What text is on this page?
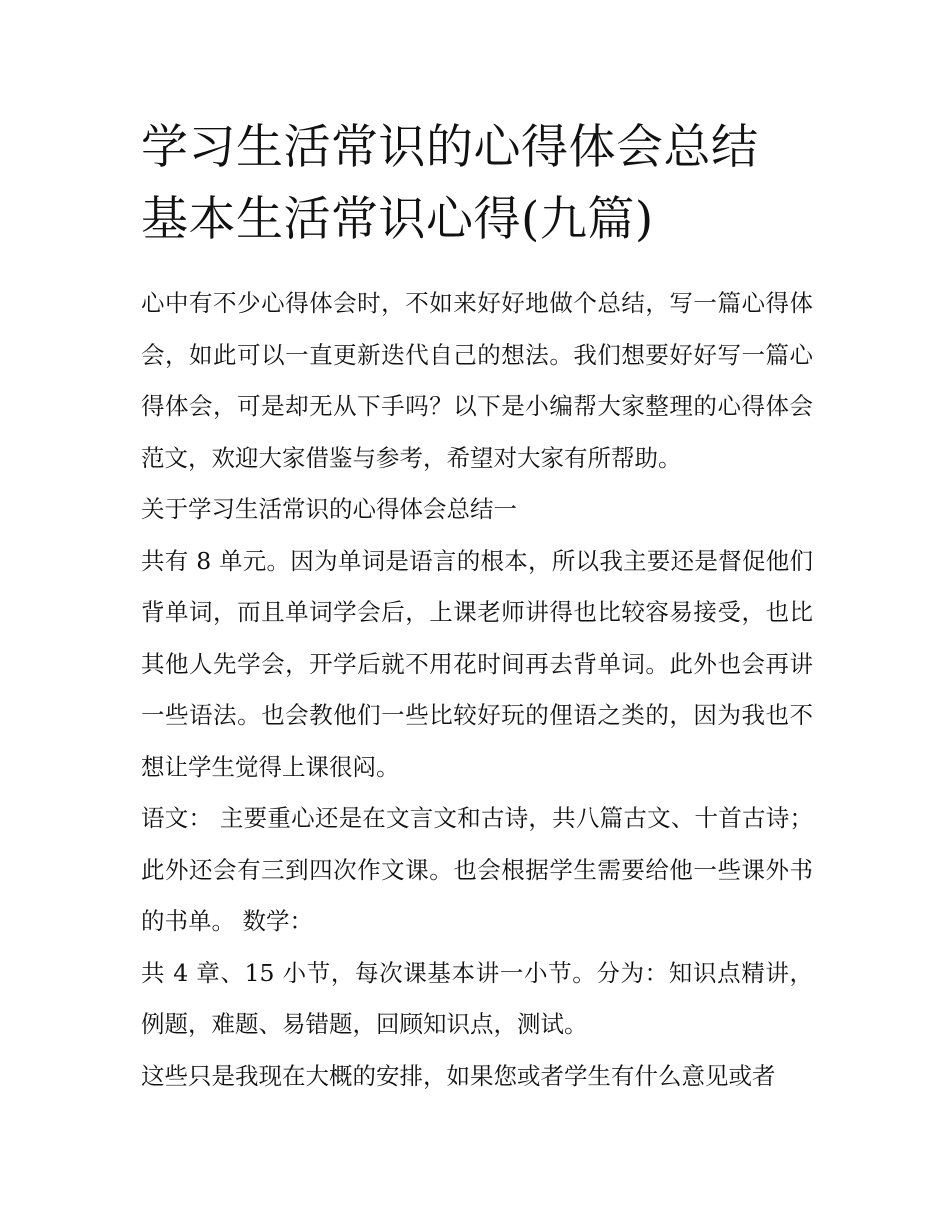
学习生活常识的心得体会总结
基本生活常识心得(九篇)

心中有不少心得体会时，不如来好好地做个总结，写一篇心得体会，如此可以一直更新迭代自己的想法。我们想要好好写一篇心得体会，可是却无从下手吗？以下是小编帮大家整理的心得体会范文，欢迎大家借鉴与参考，希望对大家有所帮助。

关于学习生活常识的心得体会总结一

共有 8 单元。因为单词是语言的根本，所以我主要还是督促他们背单词，而且单词学会后，上课老师讲得也比较容易接受，也比其他人先学会，开学后就不用花时间再去背单词。此外也会再讲一些语法。也会教他们一些比较好玩的俚语之类的，因为我也不想让学生觉得上课很闷。

语文： 主要重心还是在文言文和古诗，共八篇古文、十首古诗；此外还会有三到四次作文课。也会根据学生需要给他一些课外书的书单。 数学：

共 4 章、15 小节，每次课基本讲一小节。分为：知识点精讲，例题，难题、易错题，回顾知识点，测试。

这些只是我现在大概的安排，如果您或者学生有什么意见或者
